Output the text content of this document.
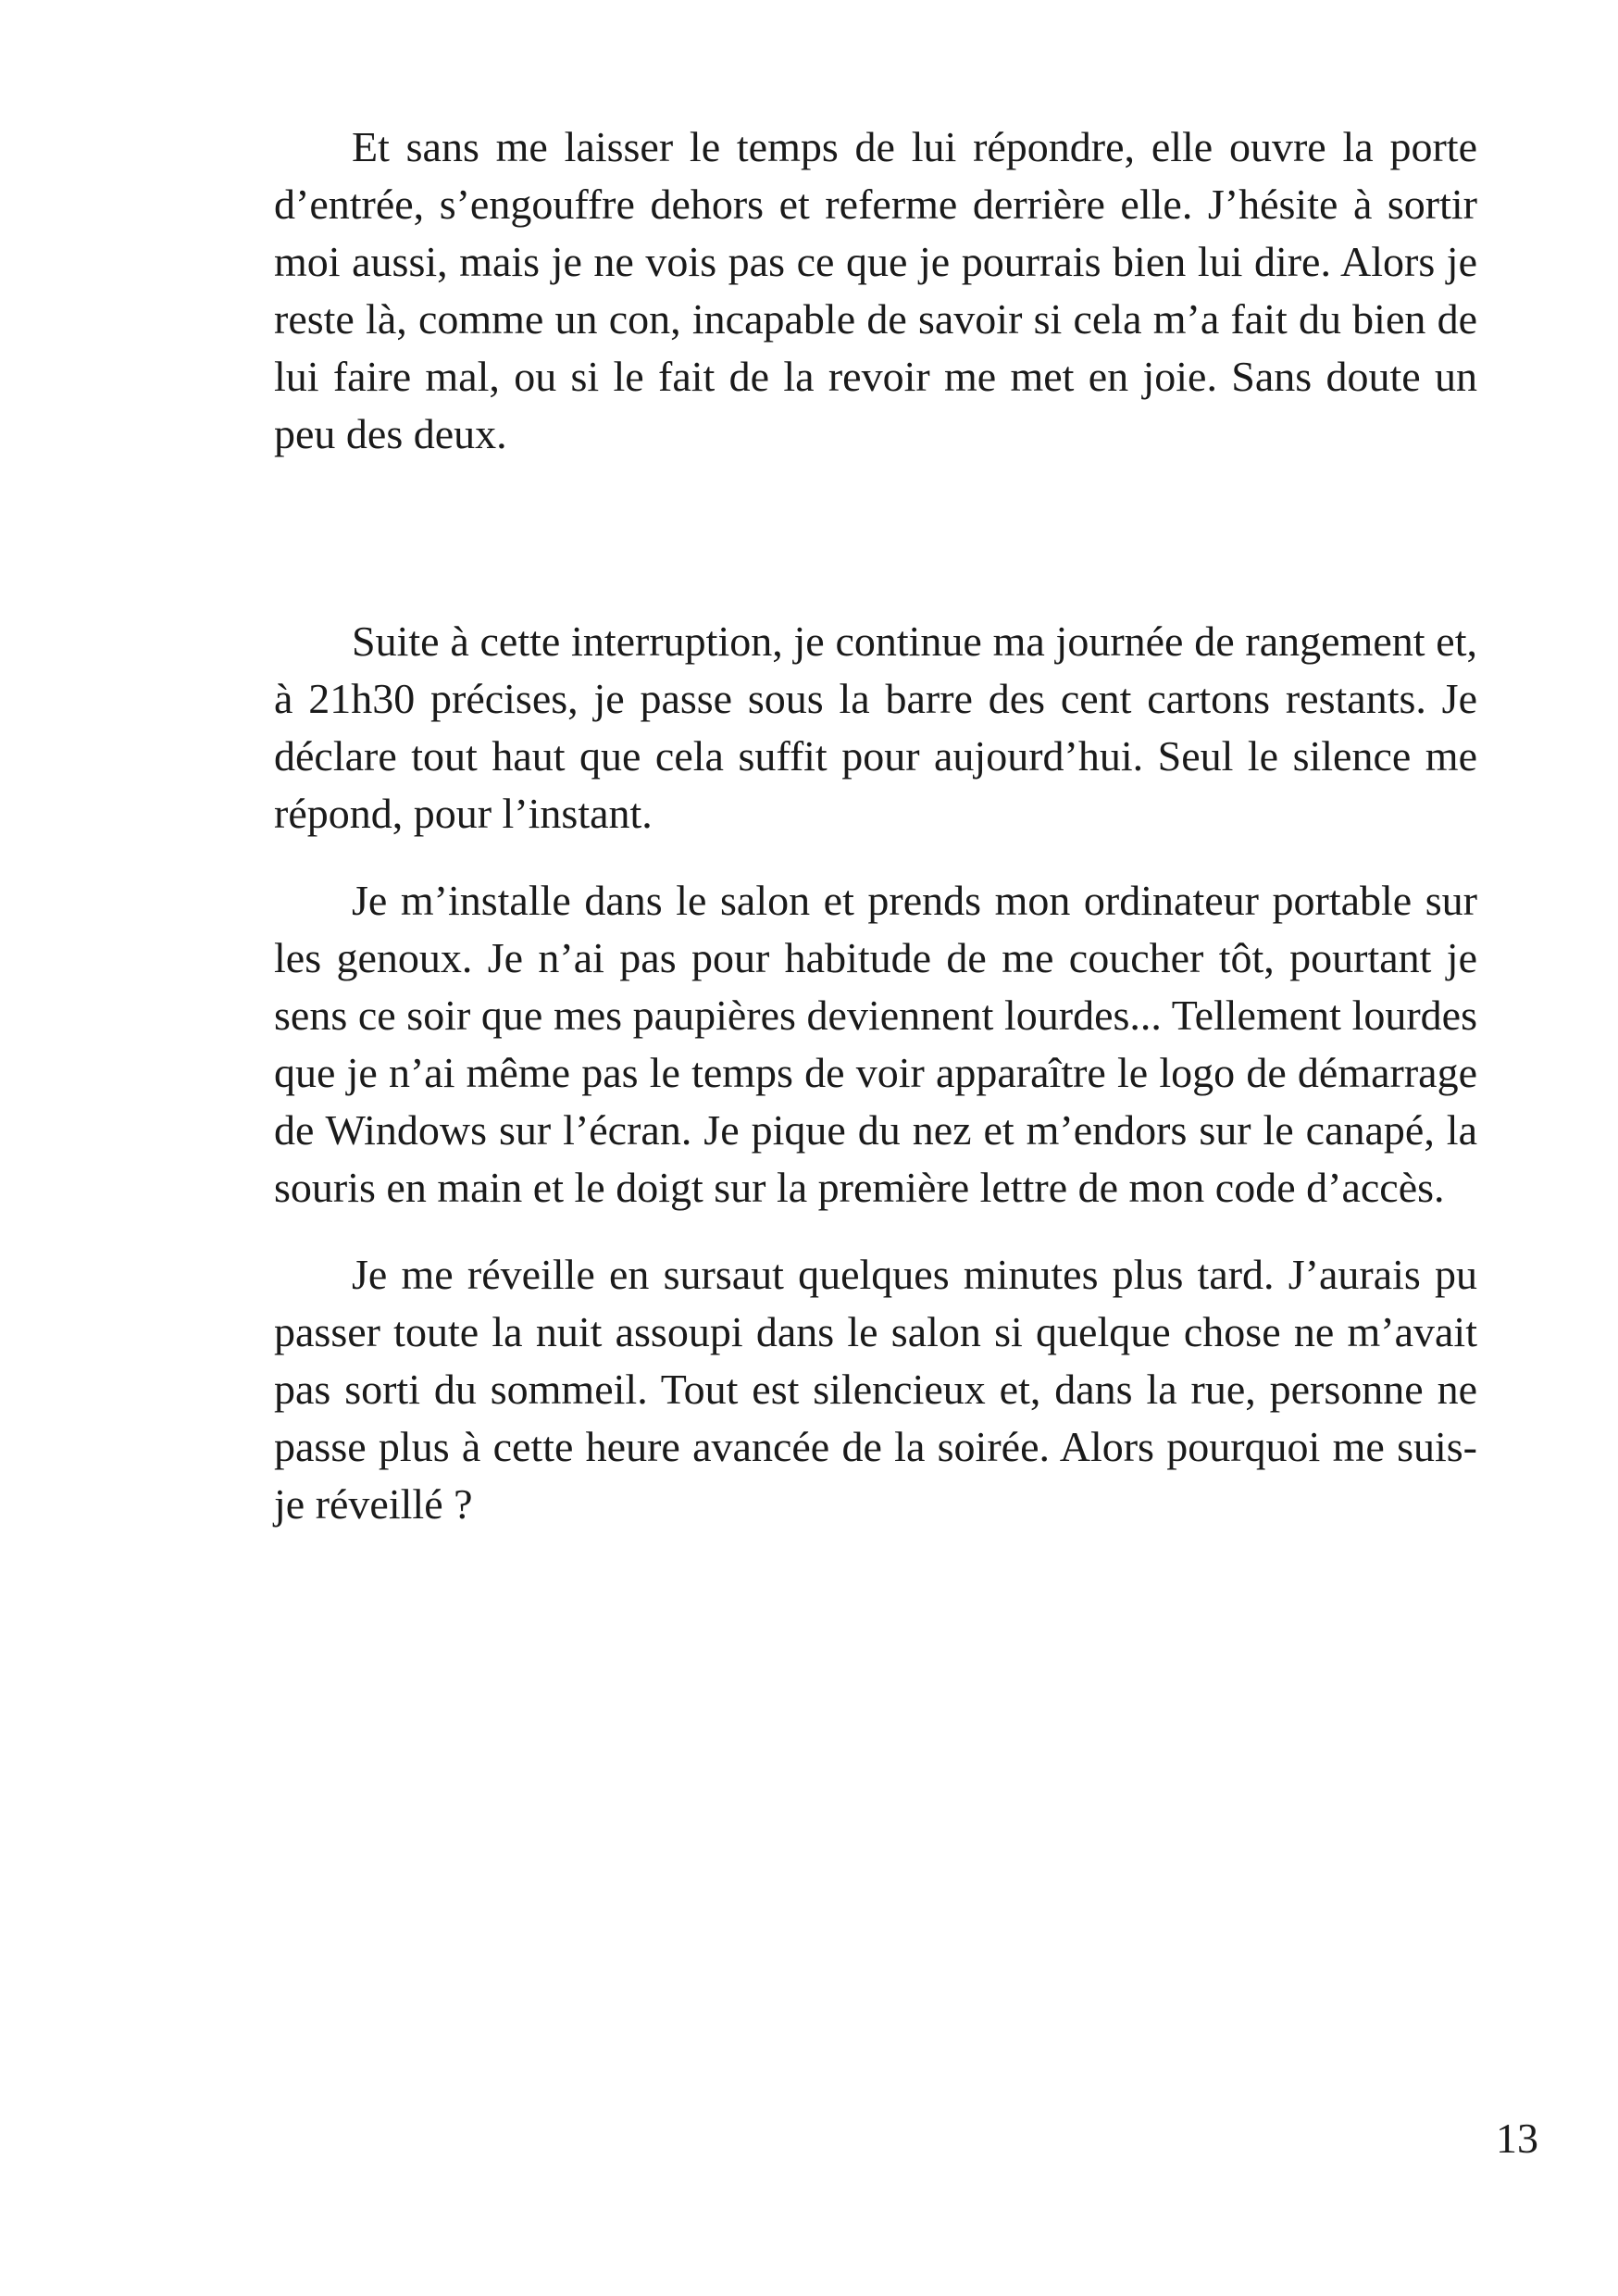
Et sans me laisser le temps de lui répondre, elle ouvre la porte d’entrée, s’engouffre dehors et referme derrière elle. J’hésite à sortir moi aussi, mais je ne vois pas ce que je pourrais bien lui dire. Alors je reste là, comme un con, incapable de savoir si cela m’a fait du bien de lui faire mal, ou si le fait de la revoir me met en joie. Sans doute un peu des deux.

Suite à cette interruption, je continue ma journée de rangement et, à 21h30 précises, je passe sous la barre des cent cartons restants. Je déclare tout haut que cela suffit pour aujourd’hui. Seul le silence me répond, pour l’instant.

Je m’installe dans le salon et prends mon ordinateur portable sur les genoux. Je n’ai pas pour habitude de me coucher tôt, pourtant je sens ce soir que mes paupières deviennent lourdes... Tellement lourdes que je n’ai même pas le temps de voir apparaître le logo de démarrage de Windows sur l’écran. Je pique du nez et m’endors sur le canapé, la souris en main et le doigt sur la première lettre de mon code d’accès.

Je me réveille en sursaut quelques minutes plus tard. J’aurais pu passer toute la nuit assoupi dans le salon si quelque chose ne m’avait pas sorti du sommeil. Tout est silencieux et, dans la rue, personne ne passe plus à cette heure avancée de la soirée. Alors pourquoi me suis-je réveillé ?

13
